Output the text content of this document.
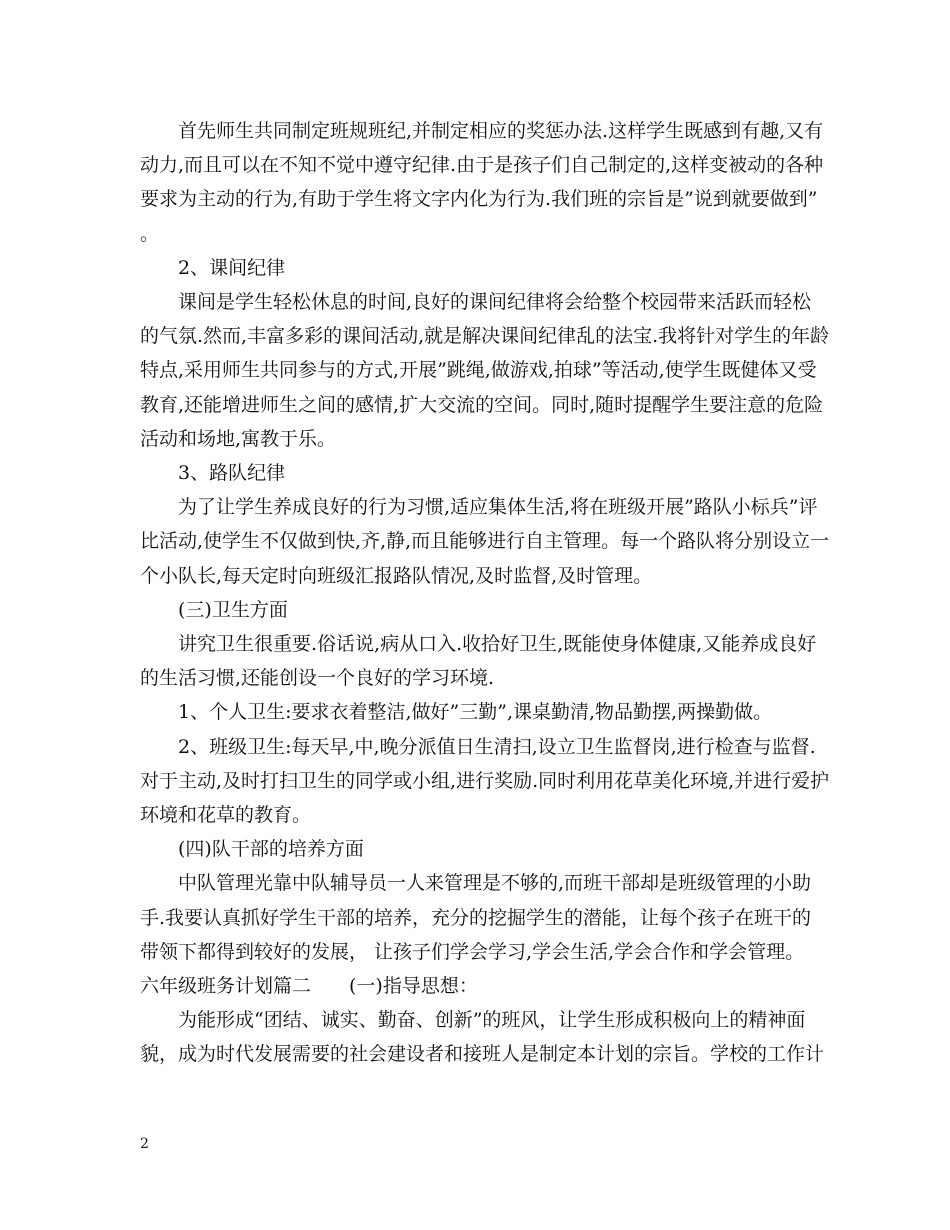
首先师生共同制定班规班纪,并制定相应的奖惩办法.这样学生既感到有趣,又有动力,而且可以在不知不觉中遵守纪律.由于是孩子们自己制定的,这样变被动的各种要求为主动的行为,有助于学生将文字内化为行为.我们班的宗旨是”说到就要做到” 。

2、课间纪律

课间是学生轻松休息的时间,良好的课间纪律将会给整个校园带来活跃而轻松的气氛.然而,丰富多彩的课间活动,就是解决课间纪律乱的法宝.我将针对学生的年龄特点,采用师生共同参与的方式,开展”跳绳,做游戏,拍球”等活动,使学生既健体又受教育,还能增进师生之间的感情,扩大交流的空间。同时,随时提醒学生要注意的危险活动和场地,寓教于乐。

3、路队纪律

为了让学生养成良好的行为习惯,适应集体生活,将在班级开展”路队小标兵”评比活动,使学生不仅做到快,齐,静,而且能够进行自主管理。每一个路队将分别设立一个小队长,每天定时向班级汇报路队情况,及时监督,及时管理。

(三)卫生方面

讲究卫生很重要.俗话说,病从口入.收拾好卫生,既能使身体健康,又能养成良好的生活习惯,还能创设一个良好的学习环境.

1、个人卫生:要求衣着整洁,做好”三勤”,课桌勤清,物品勤摆,两操勤做。

2、班级卫生:每天早,中,晚分派值日生清扫,设立卫生监督岗,进行检查与监督.对于主动,及时打扫卫生的同学或小组,进行奖励.同时利用花草美化环境,并进行爱护环境和花草的教育。

(四)队干部的培养方面

中队管理光靠中队辅导员一人来管理是不够的,而班干部却是班级管理的小助手.我要认真抓好学生干部的培养，充分的挖掘学生的潜能，让每个孩子在班干的带领下都得到较好的发展， 让孩子们学会学习,学会生活,学会合作和学会管理。

六年级班务计划篇二　　(一)指导思想：

为能形成“团结、诚实、勤奋、创新”的班风，让学生形成积极向上的精神面貌，成为时代发展需要的社会建设者和接班人是制定本计划的宗旨。学校的工作计

2
